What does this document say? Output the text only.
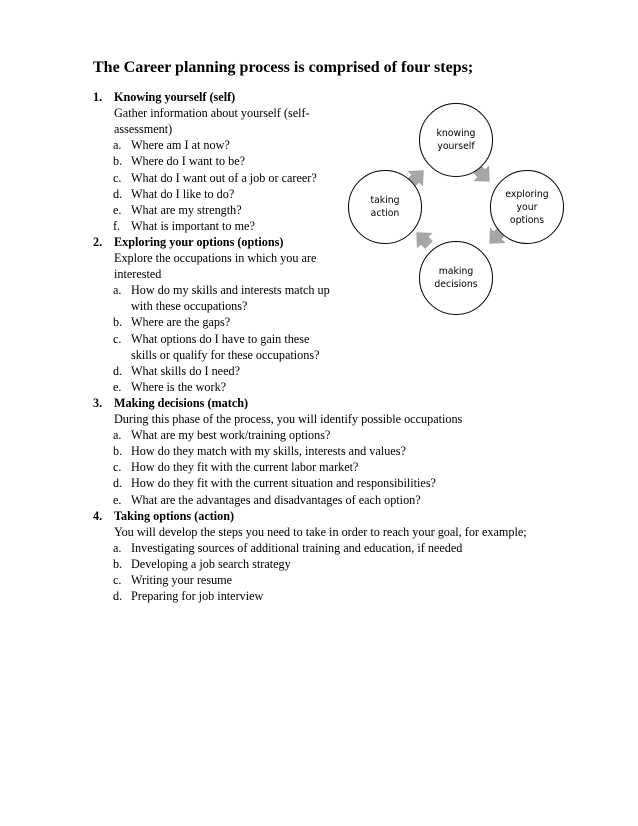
The Career planning process is comprised of four steps;
1. Knowing yourself (self)
Gather information about yourself (self-
assessment)
a. Where am I at now?
b. Where do I want to be?
c. What do I want out of a job or career?
d. What do I like to do?
e. What are my strength?
f. What is important to me?
2. Exploring your options (options)
Explore the occupations in which you are
interested
a. How do my skills and interests match up
with these occupations?
b. Where are the gaps?
c. What options do I have to gain these
skills or qualify for these occupations?
d. What skills do I need?
e. Where is the work?
3. Making decisions (match)
During this phase of the process, you will identify possible occupations
a. What are my best work/training options?
b. How do they match with my skills, interests and values?
c. How do they fit with the current labor market?
d. How do they fit with the current situation and responsibilities?
e. What are the advantages and disadvantages of each option?
4. Taking options (action)
You will develop the steps you need to take in order to reach your goal, for example;
a. Investigating sources of additional training and education, if needed
b. Developing a job search strategy
c. Writing your resume
d. Preparing for job interview
knowing
yourself
exploring
your
options
making
decisions
taking
action
